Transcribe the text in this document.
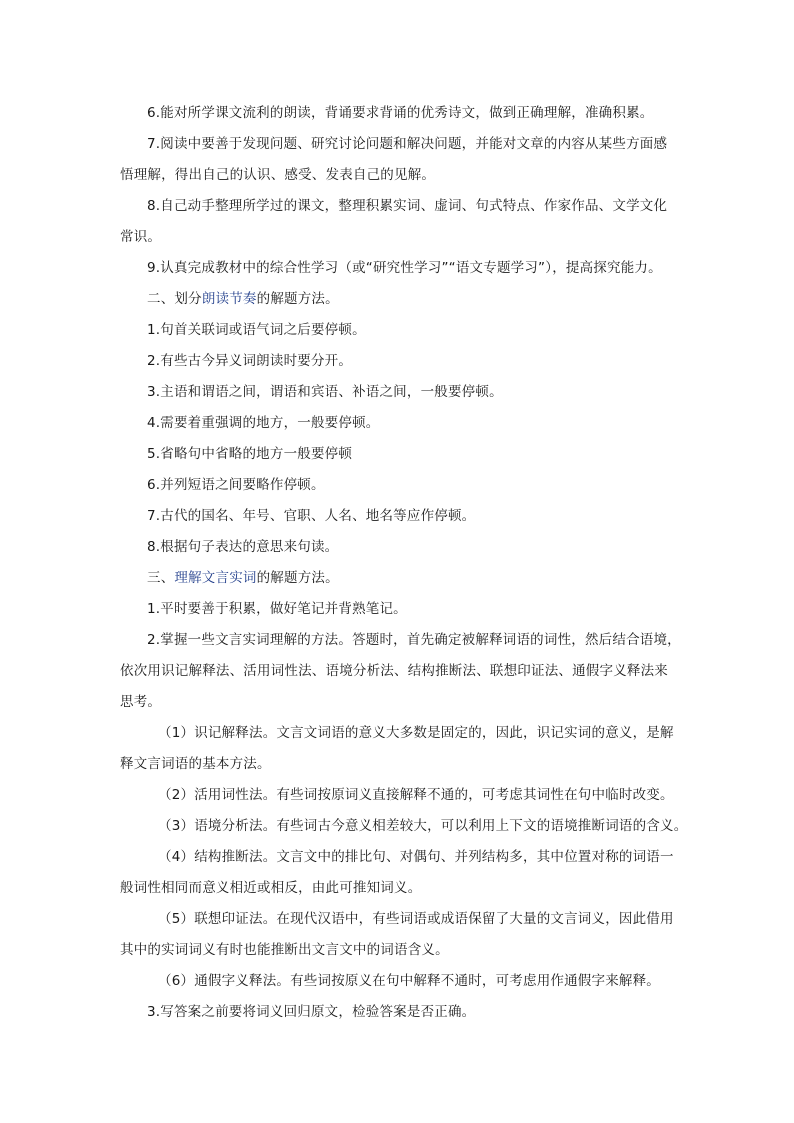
6.能对所学课文流利的朗读，背诵要求背诵的优秀诗文，做到正确理解，准确积累。

7.阅读中要善于发现问题、研究讨论问题和解决问题，并能对文章的内容从某些方面感

悟理解，得出自己的认识、感受、发表自己的见解。

8.自己动手整理所学过的课文，整理积累实词、虚词、句式特点、作家作品、文学文化

常识。

9.认真完成教材中的综合性学习（或“研究性学习”“语文专题学习”），提高探究能力。

二、划分朗读节奏的解题方法。

1.句首关联词或语气词之后要停顿。

2.有些古今异义词朗读时要分开。

3.主语和谓语之间，谓语和宾语、补语之间，一般要停顿。

4.需要着重强调的地方，一般要停顿。

5.省略句中省略的地方一般要停顿

6.并列短语之间要略作停顿。

7.古代的国名、年号、官职、人名、地名等应作停顿。

8.根据句子表达的意思来句读。

三、理解文言实词的解题方法。

1.平时要善于积累，做好笔记并背熟笔记。

2.掌握一些文言实词理解的方法。答题时，首先确定被解释词语的词性，然后结合语境，

依次用识记解释法、活用词性法、语境分析法、结构推断法、联想印证法、通假字义释法来

思考。

（1）识记解释法。文言文词语的意义大多数是固定的，因此，识记实词的意义，是解

释文言词语的基本方法。

（2）活用词性法。有些词按原词义直接解释不通的，可考虑其词性在句中临时改变。

（3）语境分析法。有些词古今意义相差较大，可以利用上下文的语境推断词语的含义。

（4）结构推断法。文言文中的排比句、对偶句、并列结构多，其中位置对称的词语一

般词性相同而意义相近或相反，由此可推知词义。

（5）联想印证法。在现代汉语中，有些词语或成语保留了大量的文言词义，因此借用

其中的实词词义有时也能推断出文言文中的词语含义。

（6）通假字义释法。有些词按原义在句中解释不通时，可考虑用作通假字来解释。

3.写答案之前要将词义回归原文，检验答案是否正确。
